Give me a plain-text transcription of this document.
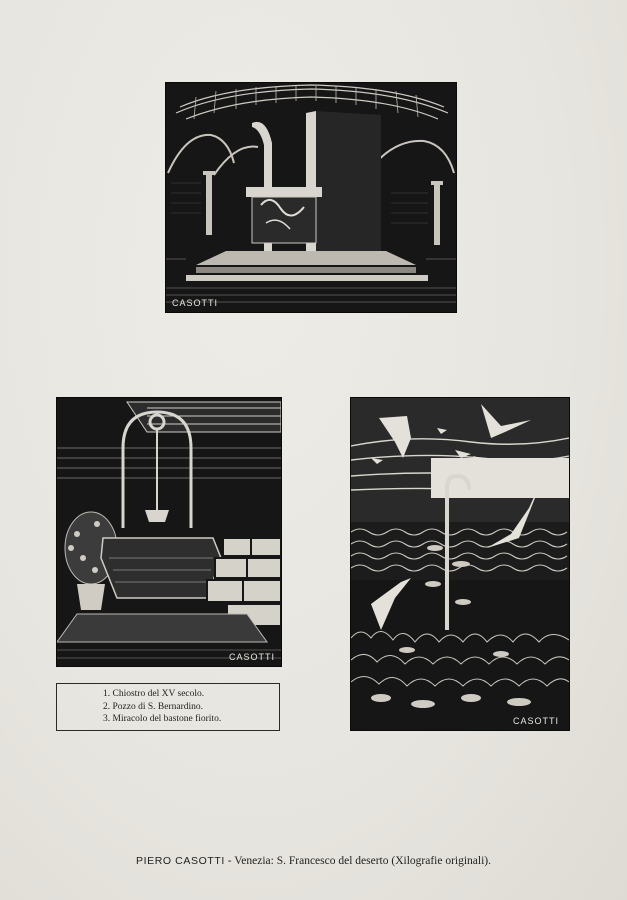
CASOTTI
CASOTTI
CASOTTI
1. Chiostro del XV secolo.
2. Pozzo di S. Bernardino.
3. Miracolo del bastone fiorito.
PIERO CASOTTI - Venezia: S. Francesco del deserto (Xilografie originali).
